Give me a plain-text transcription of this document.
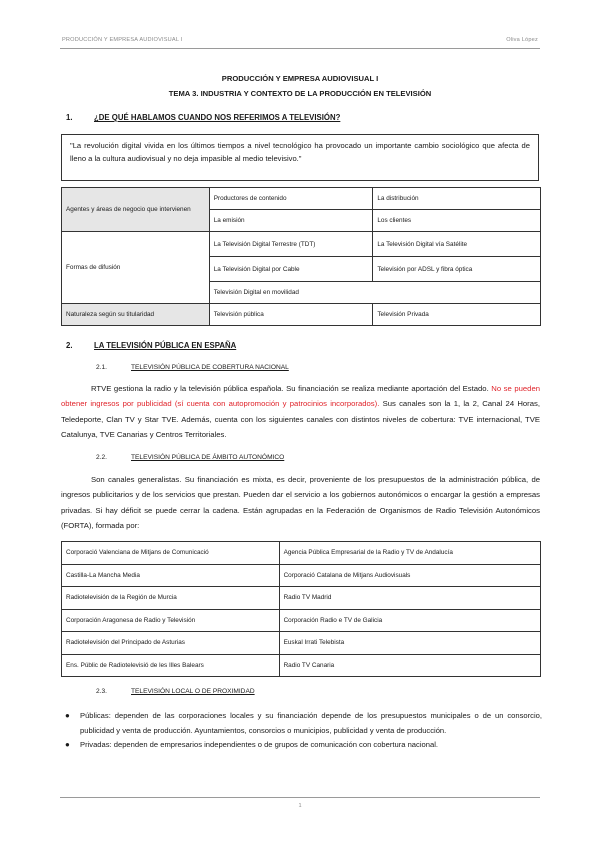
PRODUCCIÓN Y EMPRESA AUDIOVISUAL I	Oliva López
PRODUCCIÓN Y EMPRESA AUDIOVISUAL I
TEMA 3. INDUSTRIA Y CONTEXTO DE LA PRODUCCIÓN EN TELEVISIÓN
1.	¿DE QUÉ HABLAMOS CUANDO NOS REFERIMOS A TELEVISIÓN?
"La revolución digital vivida en los últimos tiempos a nivel tecnológico ha provocado un importante cambio sociológico que afecta de lleno a la cultura audiovisual y no deja impasible al medio televisivo."
Agentes y áreas de negocio que intervienen	Productores de contenido	La distribución
	La emisión	Los clientes
Formas de difusión	La Televisión Digital Terrestre (TDT)	La Televisión Digital vía Satélite
	La Televisión Digital por Cable	Televisión por ADSL y fibra óptica
	Televisión Digital en movilidad	
Naturaleza según su titularidad	Televisión pública	Televisión Privada
2.	LA TELEVISIÓN PÚBLICA EN ESPAÑA
2.1.	TELEVISIÓN PÚBLICA DE COBERTURA NACIONAL

RTVE gestiona la radio y la televisión pública española. Su financiación se realiza mediante aportación del Estado. No se pueden obtener ingresos por publicidad (sí cuenta con autopromoción y patrocinios incorporados). Sus canales son la 1, la 2, Canal 24 Horas, Teledeporte, Clan TV y Star TVE. Además, cuenta con los siguientes canales con distintos niveles de cobertura: TVE internacional, TVE Catalunya, TVE Canarias y Centros Territoriales.

2.2.	TELEVISIÓN PÚBLICA DE ÁMBITO AUTONÓMICO

Son canales generalistas. Su financiación es mixta, es decir, proveniente de los presupuestos de la administración pública, de ingresos publicitarios y de los servicios que prestan. Pueden dar el servicio a los gobiernos autonómicos o encargar la gestión a empresas privadas. Si hay déficit se puede cerrar la cadena. Están agrupadas en la Federación de Organismos de Radio Televisión Autonómicos (FORTA), formada por:

Corporació Valenciana de Mitjans de Comunicació	Agencia Pública Empresarial de la Radio y TV de Andalucía
Castilla-La Mancha Media	Corporació Catalana de Mitjans Audiovisuals
Radiotelevisión de la Región de Murcia	Radio TV Madrid
Corporación Aragonesa de Radio y Televisión	Corporación Radio e TV de Galicia
Radiotelevisión del Principado de Asturias	Euskal Irrati Telebista
Ens. Públic de Radiotelevisió de les Illes Balears	Radio TV Canaria
2.3.	TELEVISIÓN LOCAL O DE PROXIMIDAD
● Públicas: dependen de las corporaciones locales y su financiación depende de los presupuestos municipales o de un consorcio, publicidad y venta de producción. Ayuntamientos, consorcios o municipios, publicidad y venta de producción.
● Privadas: dependen de empresarios independientes o de grupos de comunicación con cobertura nacional.
1
